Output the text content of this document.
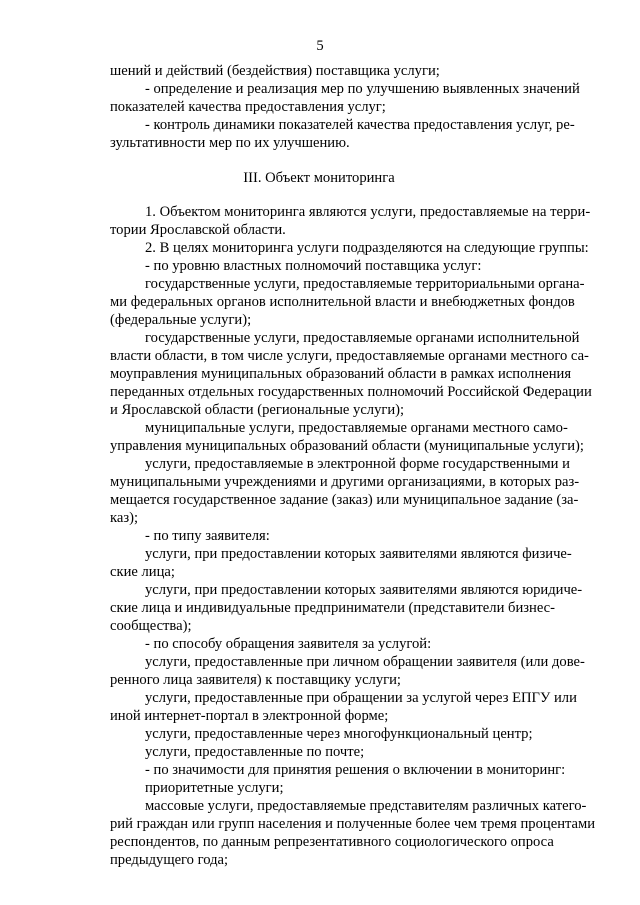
5
шений и действий (бездействия) поставщика услуги;
- определение и реализация мер по улучшению выявленных значений
показателей качества предоставления услуг;
- контроль динамики показателей качества предоставления услуг, ре-
зультативности мер по их улучшению.
III. Объект мониторинга
1. Объектом мониторинга являются услуги, предоставляемые на терри-
тории Ярославской области.
2. В целях мониторинга услуги подразделяются на следующие группы:
- по уровню властных полномочий поставщика услуг:
государственные услуги, предоставляемые территориальными органа-
ми федеральных органов исполнительной власти и внебюджетных фондов
(федеральные услуги);
государственные услуги, предоставляемые органами исполнительной
власти области, в том числе услуги, предоставляемые органами местного са-
моуправления муниципальных образований области в рамках исполнения
переданных отдельных государственных полномочий Российской Федерации
и Ярославской области (региональные услуги);
муниципальные услуги, предоставляемые органами местного само-
управления муниципальных образований области (муниципальные услуги);
услуги, предоставляемые в электронной форме государственными и
муниципальными учреждениями и другими организациями, в которых раз-
мещается государственное задание (заказ) или муниципальное задание (за-
каз);
- по типу заявителя:
услуги, при предоставлении которых заявителями являются физиче-
ские лица;
услуги, при предоставлении которых заявителями являются юридиче-
ские лица и индивидуальные предприниматели (представители бизнес-
сообщества);
- по способу обращения заявителя за услугой:
услуги, предоставленные при личном обращении заявителя (или дове-
ренного лица заявителя) к поставщику услуги;
услуги, предоставленные при обращении за услугой через ЕПГУ или
иной интернет-портал в электронной форме;
услуги, предоставленные через многофункциональный центр;
услуги, предоставленные по почте;
- по значимости для принятия решения о включении в мониторинг:
приоритетные услуги;
массовые услуги, предоставляемые представителям различных катего-
рий граждан или групп населения и полученные более чем тремя процентами
респондентов, по данным репрезентативного социологического опроса
предыдущего года;
